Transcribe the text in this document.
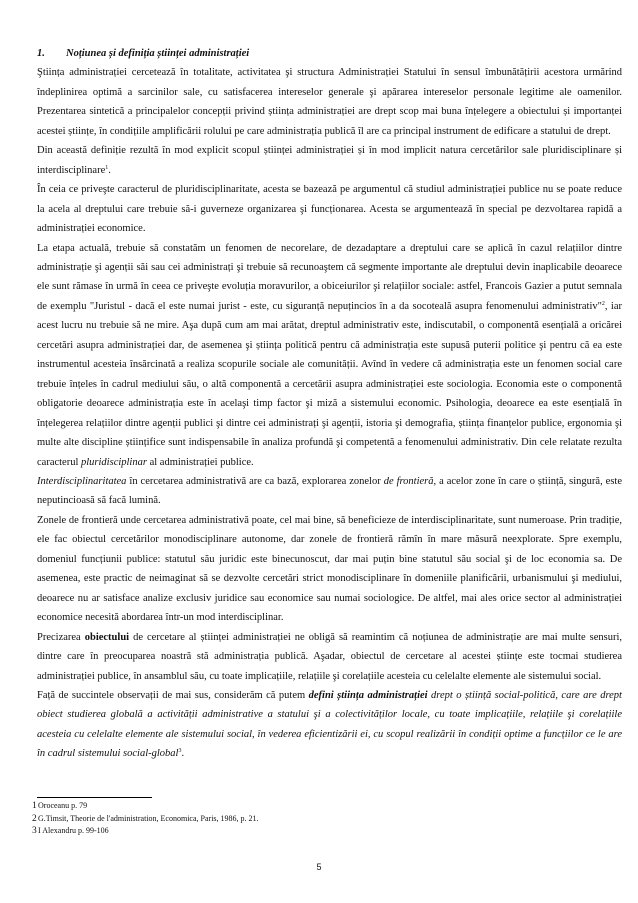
1. Noțiunea și definiția științei administrației

Ştiința administrației cercetează în totalitate, activitatea şi structura Administrației Statului în sensul îmbunătățirii acestora urmărind îndeplinirea optimă a sarcinilor sale, cu satisfacerea intereselor generale şi apărarea intereselor personale legitime ale oamenilor. Prezentarea sintetică a principalelor concepții privind știința administrației are drept scop mai buna înțelegere a obiectului și importanței acestei științe, în condițiile amplificării rolului pe care administrația publică îl are ca principal instrument de edificare a statului de drept.

Din această definiție rezultă în mod explicit scopul științei administrației și în mod implicit natura cercetărilor sale pluridisciplinare și interdisciplinare$^1$.

În ceia ce priveşte caracterul de pluridisciplinaritate, acesta se bazează pe argumentul că studiul administrației publice nu se poate reduce la acela al dreptului care trebuie să-i guverneze organizarea şi funcționarea. Acesta se argumentează în special pe dezvoltarea rapidă a administrației economice.

La etapa actuală, trebuie să constatăm un fenomen de necorelare, de dezadaptare a dreptului care se aplică în cazul relațiilor dintre administrație şi agenții săi sau cei administrați şi trebuie să recunoaştem că segmente importante ale dreptului devin inaplicabile deoarece ele sunt rămase în urmă în ceea ce priveşte evoluția moravurilor, a obiceiurilor şi relațiilor sociale: astfel, Francois Gazier a putut semnala de exemplu "Juristul - dacă el este numai jurist - este, cu siguranță nepuțincios în a da socoteală asupra fenomenului administrativ"$^2$, iar acest lucru nu trebuie să ne mire. Aşa după cum am mai arătat, dreptul administrativ este, indiscutabil, o componentă esențială a oricărei cercetări asupra administrației dar, de asemenea şi știința politică pentru că administrația este supusă puterii politice şi pentru că ea este instrumentul acesteia însărcinată a realiza scopurile sociale ale comunității. Avînd în vedere că administrația este un fenomen social care trebuie înțeles în cadrul mediului său, o altă componentă a cercetării asupra administrației este sociologia. Economia este o componentă obligatorie deoarece administrația este în acelaşi timp factor şi miză a sistemului economic. Psihologia, deoarece ea este esențială în înțelegerea relațiilor dintre agenții publici şi dintre cei administrați şi agenții, istoria şi demografia, știința finanțelor publice, ergonomia şi multe alte discipline științifice sunt indispensabile în analiza profundă şi competentă a fenomenului administrativ. Din cele relatate rezulta caracterul pluridisciplinar al administrației publice.

Interdisciplinaritatea în cercetarea administrativă are ca bază, explorarea zonelor de frontieră, a acelor zone în care o știință, singură, este neputincioasă să facă lumină.

Zonele de frontieră unde cercetarea administrativă poate, cel mai bine, să beneficieze de interdisciplinaritate, sunt numeroase. Prin tradiție, ele fac obiectul cercetărilor monodisciplinare autonome, dar zonele de frontieră rămîn în mare măsură neexplorate. Spre exemplu, domeniul funcțiunii publice: statutul său juridic este binecunoscut, dar mai puțin bine statutul său social şi de loc economia sa. De asemenea, este practic de neimaginat să se dezvolte cercetări strict monodisciplinare în domeniile planificării, urbanismului şi mediului, deoarece nu ar satisface analize exclusiv juridice sau economice sau numai sociologice. De altfel, mai ales orice sector al administrației economice necesită abordarea într-un mod interdisciplinar.

Precizarea obiectului de cercetare al științei administrației ne obligă să reamintim că noțiunea de administrație are mai multe sensuri, dintre care în preocuparea noastră stă administrația publică. Aşadar, obiectul de cercetare al acestei științe este tocmai studierea administrației publice, în ansamblul său, cu toate implicațiile, relațiile şi corelațiile acesteia cu celelalte elemente ale sistemului social.

Față de succintele observații de mai sus, considerăm că putem defini știința administrației drept o știință social-politică, care are drept obiect studierea globală a activității administrative a statului şi a colectivităților locale, cu toate implicațiile, relațiile şi corelațiile acesteia cu celelalte elemente ale sistemului social, în vederea eficientizării ei, cu scopul realizării în condiții optime a funcțiilor ce le are în cadrul sistemului social-global$^3$.

1Oroceanu p. 79
2G.Timsit, Theorie de l'administration, Economica, Paris, 1986, p. 21.
3I Alexandru p. 99-106
5
